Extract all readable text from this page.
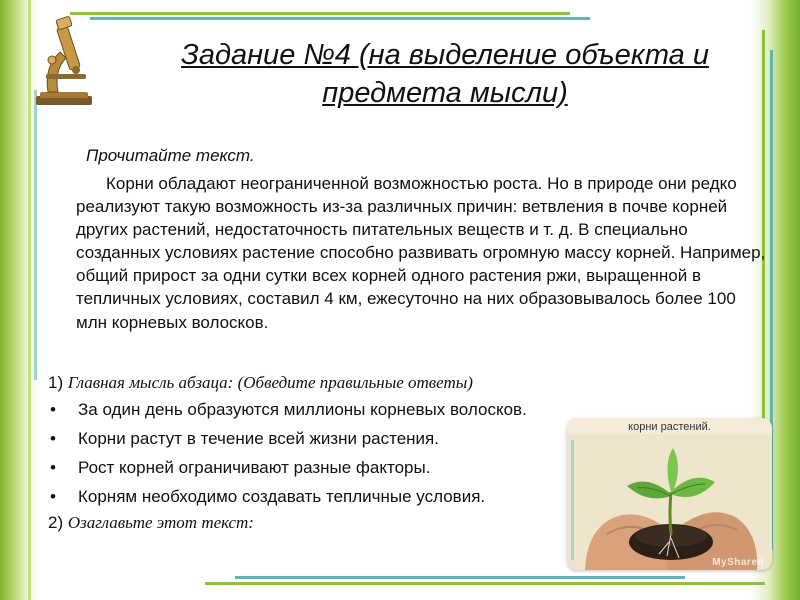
Задание №4 (на выделение объекта и предмета мысли)
Прочитайте текст.
Корни обладают неограниченной возможностью роста. Но в природе они редко реализуют такую возможность из-за различных причин: ветвления в почве корней других растений, недостаточность питательных веществ и т. д. В специально созданных условиях растение способно развивать огромную массу корней. Например, общий прирост за одни сутки всех корней одного растения ржи, выращенной в тепличных условиях, составил 4 км, ежесуточно на них образовывалось более 100 млн корневых волосков.
1) Главная мысль абзаца: (Обведите правильные ответы)
• За один день образуются миллионы корневых волосков.
• Корни растут в течение всей жизни растения.
• Рост корней ограничивают разные факторы.
• Корням необходимо создавать тепличные условия.
2) Озаглавьте этот текст:
корни растений.
MyShared
